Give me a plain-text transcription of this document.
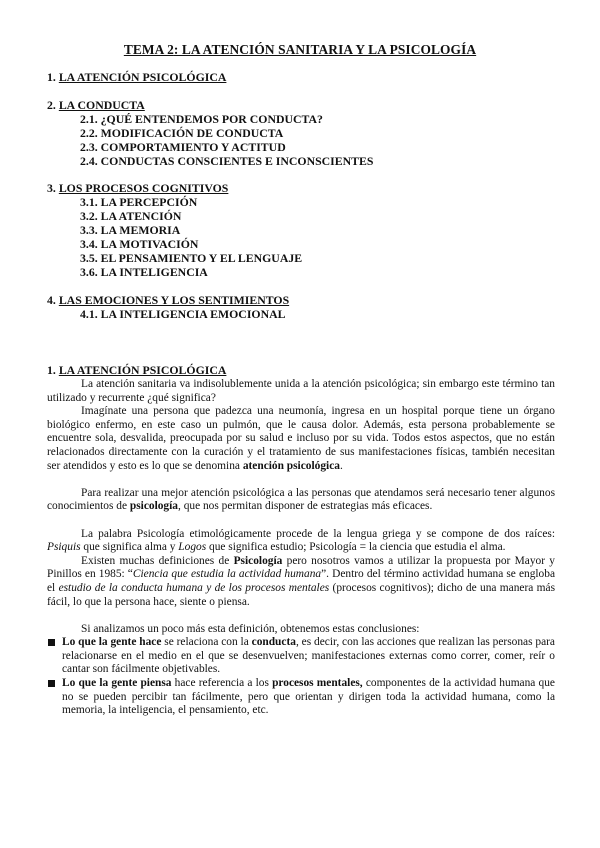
TEMA 2: LA ATENCIÓN SANITARIA Y LA PSICOLOGÍA
1. LA ATENCIÓN PSICOLÓGICA
2. LA CONDUCTA
2.1. ¿QUÉ ENTENDEMOS POR CONDUCTA?
2.2. MODIFICACIÓN DE CONDUCTA
2.3. COMPORTAMIENTO Y ACTITUD
2.4. CONDUCTAS CONSCIENTES E INCONSCIENTES
3. LOS PROCESOS COGNITIVOS
3.1. LA PERCEPCIÓN
3.2. LA ATENCIÓN
3.3. LA MEMORIA
3.4. LA MOTIVACIÓN
3.5. EL PENSAMIENTO Y EL LENGUAJE
3.6. LA INTELIGENCIA
4. LAS EMOCIONES Y LOS SENTIMIENTOS
4.1. LA INTELIGENCIA EMOCIONAL
1. LA ATENCIÓN PSICOLÓGICA

La atención sanitaria va indisolublemente unida a la atención psicológica; sin embargo este término tan utilizado y recurrente ¿qué significa?

Imagínate una persona que padezca una neumonía, ingresa en un hospital porque tiene un órgano biológico enfermo, en este caso un pulmón, que le causa dolor. Además, esta persona probablemente se encuentre sola, desvalida, preocupada por su salud e incluso por su vida. Todos estos aspectos, que no están relacionados directamente con la curación y el tratamiento de sus manifestaciones físicas, también necesitan ser atendidos y esto es lo que se denomina atención psicológica.

Para realizar una mejor atención psicológica a las personas que atendamos será necesario tener algunos conocimientos de psicología, que nos permitan disponer de estrategias más eficaces.

La palabra Psicología etimológicamente procede de la lengua griega y se compone de dos raíces: Psiquis que significa alma y Logos que significa estudio; Psicología = la ciencia que estudia el alma.

Existen muchas definiciones de Psicología pero nosotros vamos a utilizar la propuesta por Mayor y Pinillos en 1985: “Ciencia que estudia la actividad humana”. Dentro del término actividad humana se engloba el estudio de la conducta humana y de los procesos mentales (procesos cognitivos); dicho de una manera más fácil, lo que la persona hace, siente o piensa.

Si analizamos un poco más esta definición, obtenemos estas conclusiones:

Lo que la gente hace se relaciona con la conducta, es decir, con las acciones que realizan las personas para relacionarse en el medio en el que se desenvuelven; manifestaciones externas como correr, comer, reír o cantar son fácilmente objetivables.

Lo que la gente piensa hace referencia a los procesos mentales, componentes de la actividad humana que no se pueden percibir tan fácilmente, pero que orientan y dirigen toda la actividad humana, como la memoria, la inteligencia, el pensamiento, etc.
